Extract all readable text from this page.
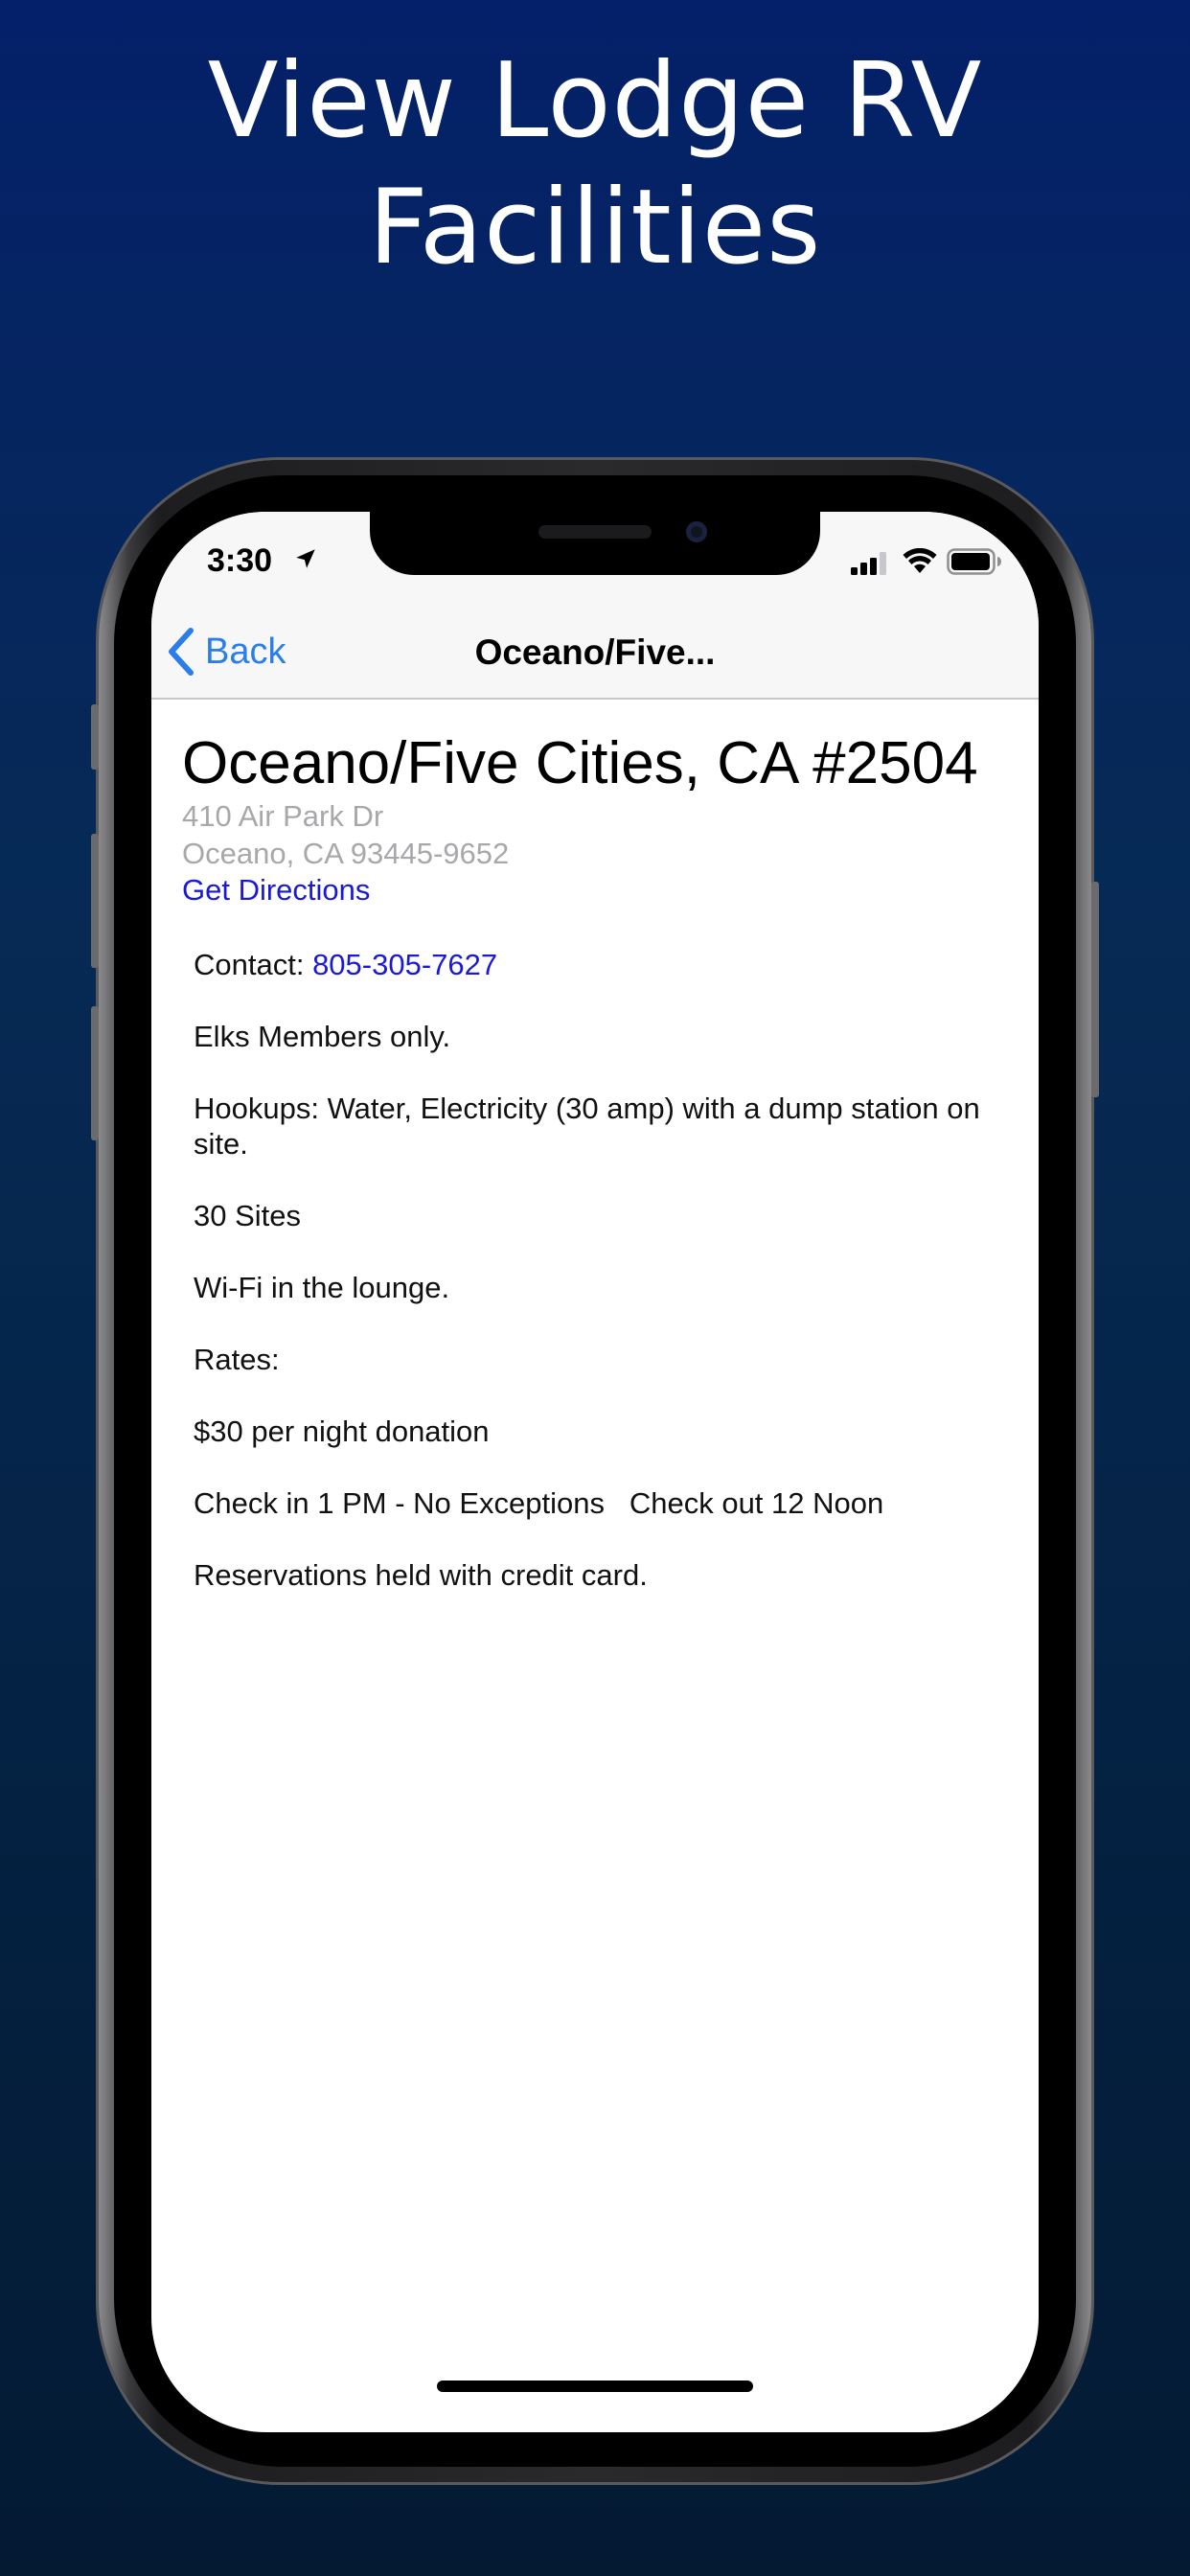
View Lodge RV
Facilities
3:30
Back	Oceano/Five...
Oceano/Five Cities, CA #2504
410 Air Park Dr
Oceano, CA 93445-9652
Get Directions

Contact: 805-305-7627

Elks Members only.

Hookups: Water, Electricity (30 amp) with a dump station on site.

30 Sites

Wi-Fi in the lounge.

Rates:

$30 per night donation

Check in 1 PM - No Exceptions   Check out 12 Noon

Reservations held with credit card.
